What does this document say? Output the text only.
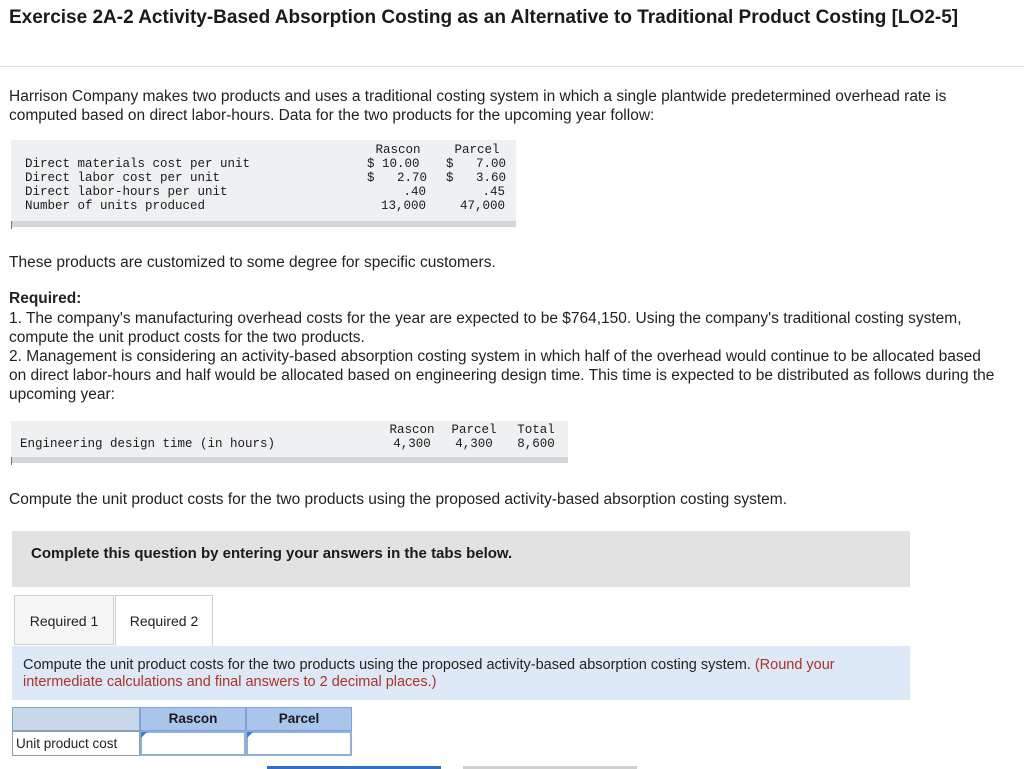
Exercise 2A-2 Activity-Based Absorption Costing as an Alternative to Traditional Product Costing [LO2-5]
Harrison Company makes two products and uses a traditional costing system in which a single plantwide predetermined overhead rate is computed based on direct labor-hours. Data for the two products for the upcoming year follow:
Rascon	Parcel
Direct materials cost per unit	$ 10.00 $   7.00
Direct labor cost per unit	$   2.70 $   3.60
Direct labor-hours per unit	.40	.45
Number of units produced	13,000	47,000
These products are customized to some degree for specific customers.
Required:
1. The company's manufacturing overhead costs for the year are expected to be $764,150. Using the company's traditional costing system, compute the unit product costs for the two products.
2. Management is considering an activity-based absorption costing system in which half of the overhead would continue to be allocated based on direct labor-hours and half would be allocated based on engineering design time. This time is expected to be distributed as follows during the upcoming year:
Rascon	Parcel	Total
Engineering design time (in hours)	4,300	4,300	8,600
Compute the unit product costs for the two products using the proposed activity-based absorption costing system.
Complete this question by entering your answers in the tabs below.
Required 1	Required 2

Compute the unit product costs for the two products using the proposed activity-based absorption costing system. (Round your intermediate calculations and final answers to 2 decimal places.)

Rascon	Parcel
Unit product cost
